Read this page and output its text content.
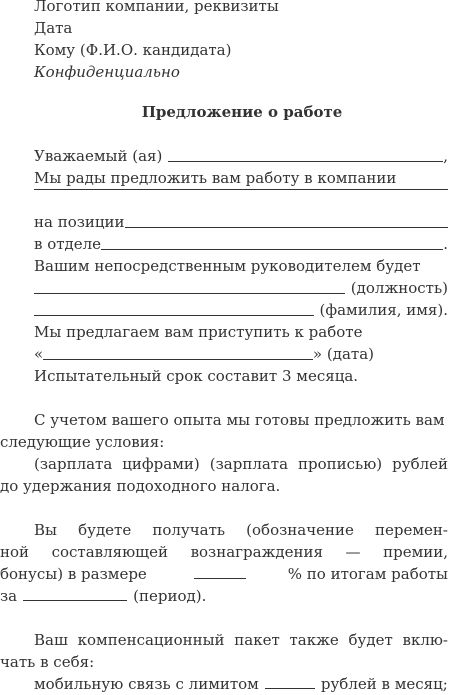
Логотип компании, реквизиты
Дата
Кому (Ф.И.О. кандидата)
Конфиденциально
Предложение о работе
Уважаемый (ая)	,
Мы рады предложить вам работу в компании
на позиции
в отделе	.
Вашим непосредственным руководителем будет
(должность)
(фамилия, имя).
Мы предлагаем вам приступить к работе
«	» (дата)
Испытательный срок составит 3 месяца.
С учетом вашего опыта мы готовы предложить вам
следующие условия:
(зарплата цифрами) (зарплата прописью) рублей
до удержания подоходного налога.
Вы будете получать (обозначение перемен-
ной составляющей вознаграждения — премии,
бонусы) в размере	% по итогам работы
за	(период).
Ваш компенсационный пакет также будет вклю-
чать в себя:
мобильную связь с лимитом	рублей в месяц;
